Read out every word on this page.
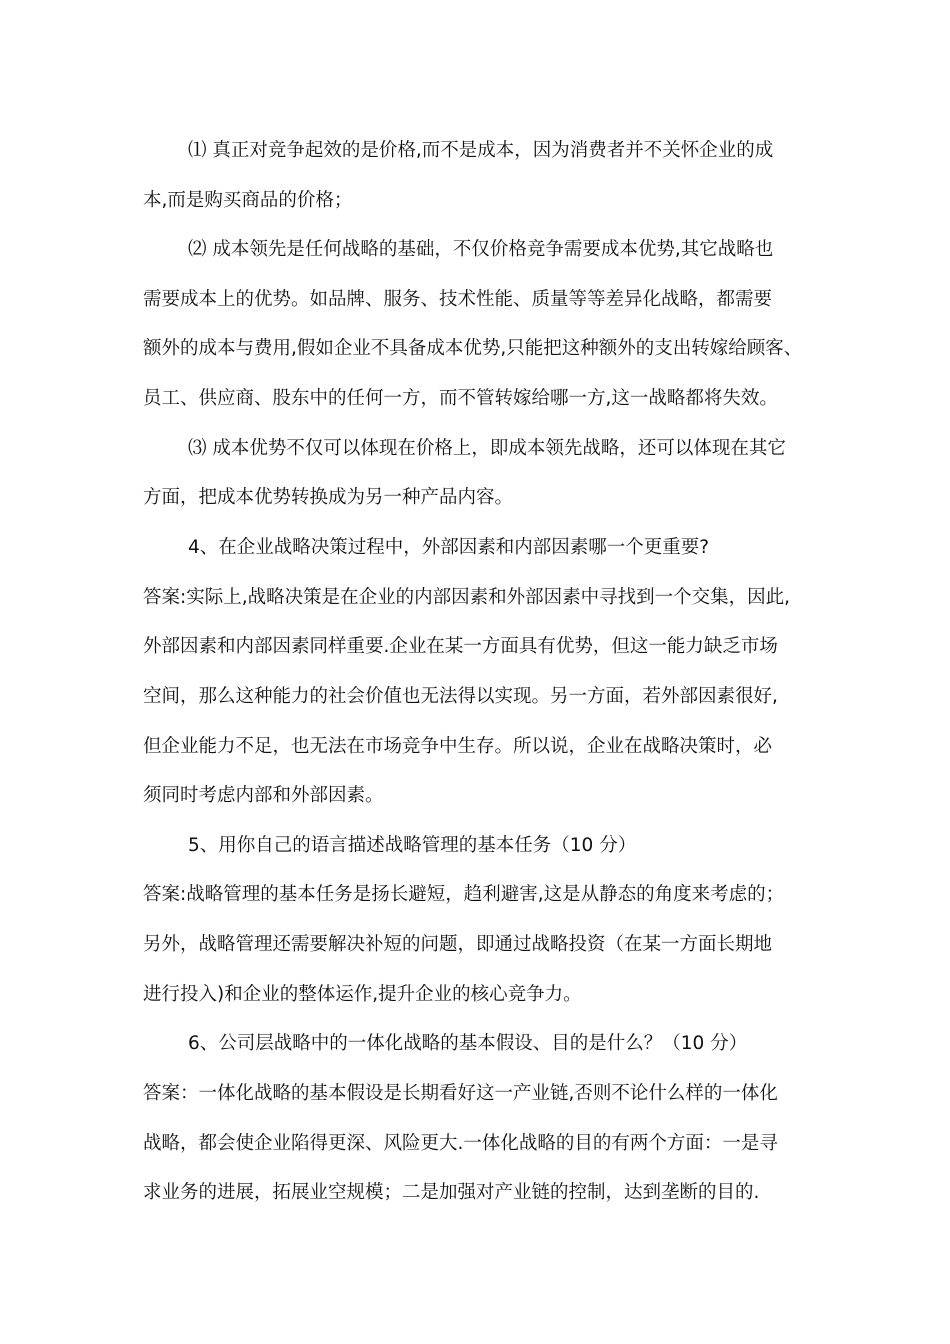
⑴ 真正对竞争起效的是价格,而不是成本，因为消费者并不关怀企业的成
本,而是购买商品的价格；
⑵ 成本领先是任何战略的基础，不仅价格竞争需要成本优势,其它战略也
需要成本上的优势。如品牌、服务、技术性能、质量等等差异化战略，都需要
额外的成本与费用,假如企业不具备成本优势,只能把这种额外的支出转嫁给顾客、
员工、供应商、股东中的任何一方，而不管转嫁给哪一方,这一战略都将失效。
⑶ 成本优势不仅可以体现在价格上，即成本领先战略，还可以体现在其它
方面，把成本优势转换成为另一种产品内容。
4、在企业战略决策过程中，外部因素和内部因素哪一个更重要?
答案:实际上,战略决策是在企业的内部因素和外部因素中寻找到一个交集，因此,
外部因素和内部因素同样重要.企业在某一方面具有优势，但这一能力缺乏市场
空间，那么这种能力的社会价值也无法得以实现。另一方面，若外部因素很好,
但企业能力不足，也无法在市场竞争中生存。所以说，企业在战略决策时，必
须同时考虑内部和外部因素。
5、用你自己的语言描述战略管理的基本任务（10 分）
答案:战略管理的基本任务是扬长避短，趋利避害,这是从静态的角度来考虑的；
另外，战略管理还需要解决补短的问题，即通过战略投资（在某一方面长期地
进行投入)和企业的整体运作,提升企业的核心竞争力。
6、公司层战略中的一体化战略的基本假设、目的是什么？（10 分）
答案：一体化战略的基本假设是长期看好这一产业链,否则不论什么样的一体化
战略，都会使企业陷得更深、风险更大.一体化战略的目的有两个方面：一是寻
求业务的进展，拓展业空规模；二是加强对产业链的控制，达到垄断的目的.
